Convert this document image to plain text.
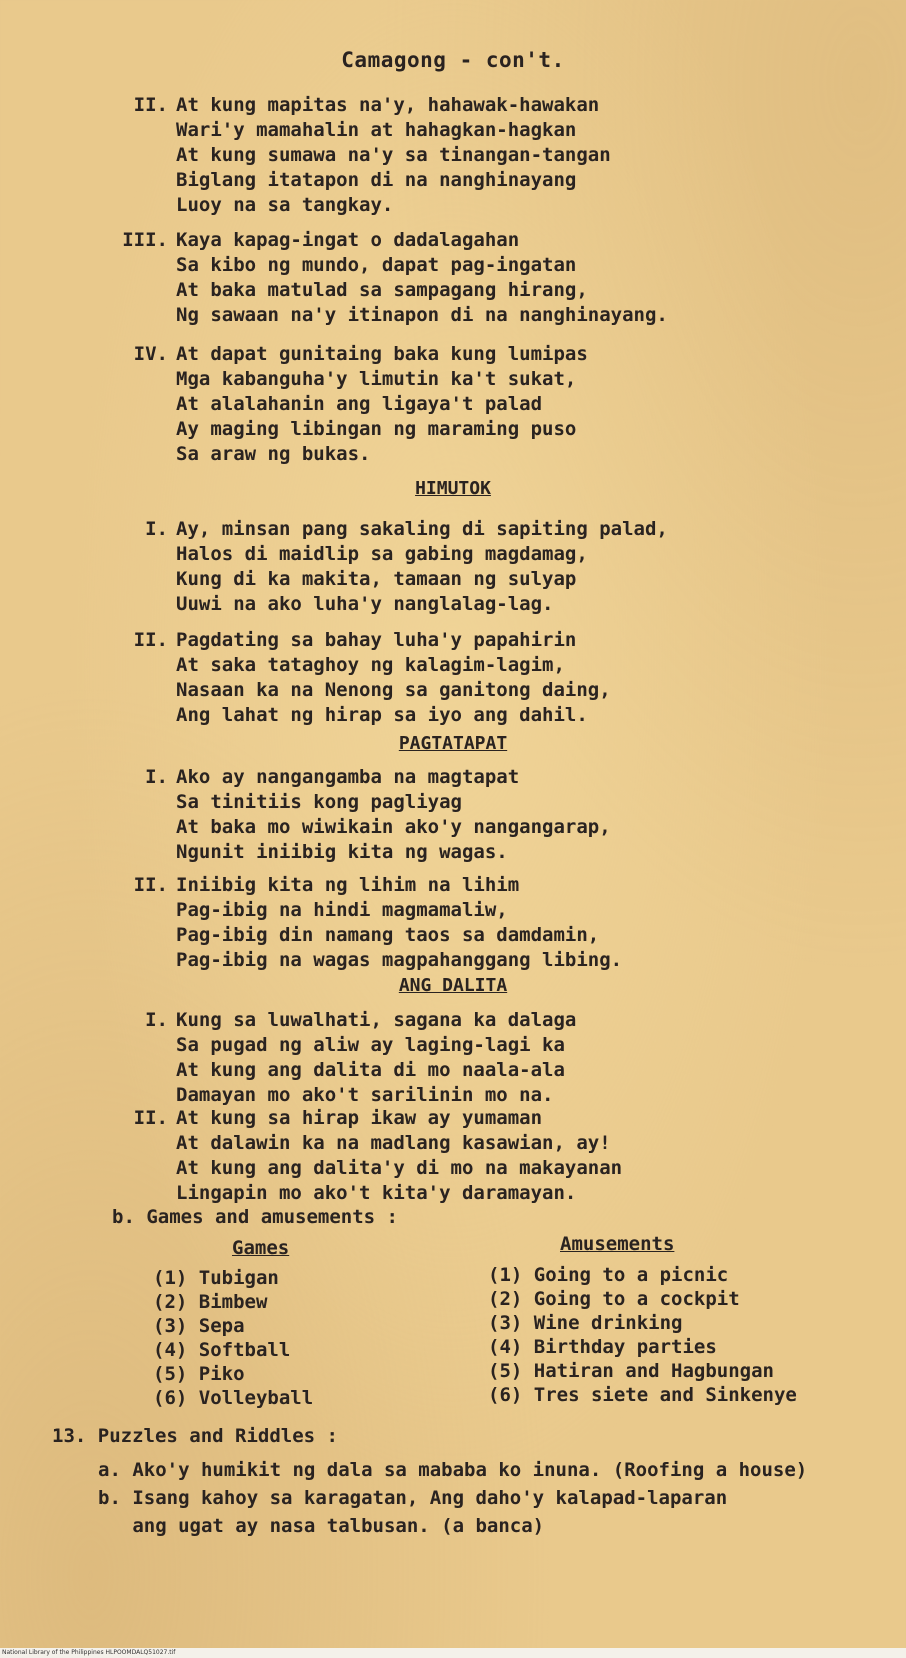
Camagong - con't.
II. At kung mapitas na'y, hahawak-hawakan
Wari'y mamahalin at hahagkan-hagkan
At kung sumawa na'y sa tinangan-tangan
Biglang itatapon di na nanghinayang
Luoy na sa tangkay.
III. Kaya kapag-ingat o dadalagahan
Sa kibo ng mundo, dapat pag-ingatan
At baka matulad sa sampagang hirang,
Ng sawaan na'y itinapon di na nanghinayang.
IV. At dapat gunitaing baka kung lumipas
Mga kabanguha'y limutin ka't sukat,
At alalahanin ang ligaya't palad
Ay maging libingan ng maraming puso
Sa araw ng bukas.
HIMUTOK
I. Ay, minsan pang sakaling di sapiting palad,
Halos di maidlip sa gabing magdamag,
Kung di ka makita, tamaan ng sulyap
Uuwi na ako luha'y nanglalag-lag.
II. Pagdating sa bahay luha'y papahirin
At saka tataghoy ng kalagim-lagim,
Nasaan ka na Nenong sa ganitong daing,
Ang lahat ng hirap sa iyo ang dahil.
PAGTATAPAT
I. Ako ay nangangamba na magtapat
Sa tinitiis kong pagliyag
At baka mo wiwikain ako'y nangangarap,
Ngunit iniibig kita ng wagas.
II. Iniibig kita ng lihim na lihim
Pag-ibig na hindi magmamaliw,
Pag-ibig din namang taos sa damdamin,
Pag-ibig na wagas magpahanggang libing.
ANG DALITA
I. Kung sa luwalhati, sagana ka dalaga
Sa pugad ng aliw ay laging-lagi ka
At kung ang dalita di mo naala-ala
Damayan mo ako't sarilinin mo na.
II. At kung sa hirap ikaw ay yumaman
At dalawin ka na madlang kasawian, ay!
At kung ang dalita'y di mo na makayanan
Lingapin mo ako't kita'y daramayan.
b. Games and amusements :
Games	Amusements
(1) Tubigan
(2) Bimbew
(3) Sepa
(4) Softball
(5) Piko
(6) Volleyball
(1) Going to a picnic
(2) Going to a cockpit
(3) Wine drinking
(4) Birthday parties
(5) Hatiran and Hagbungan
(6) Tres siete and Sinkenye
13. Puzzles and Riddles :
a. Ako'y humikit ng dala sa mababa ko inuna. (Roofing a house)
b. Isang kahoy sa karagatan, Ang daho'y kalapad-laparan
ang ugat ay nasa talbusan. (a banca)
National Library of the Philippines HLPOOMDALQ51027.tif
